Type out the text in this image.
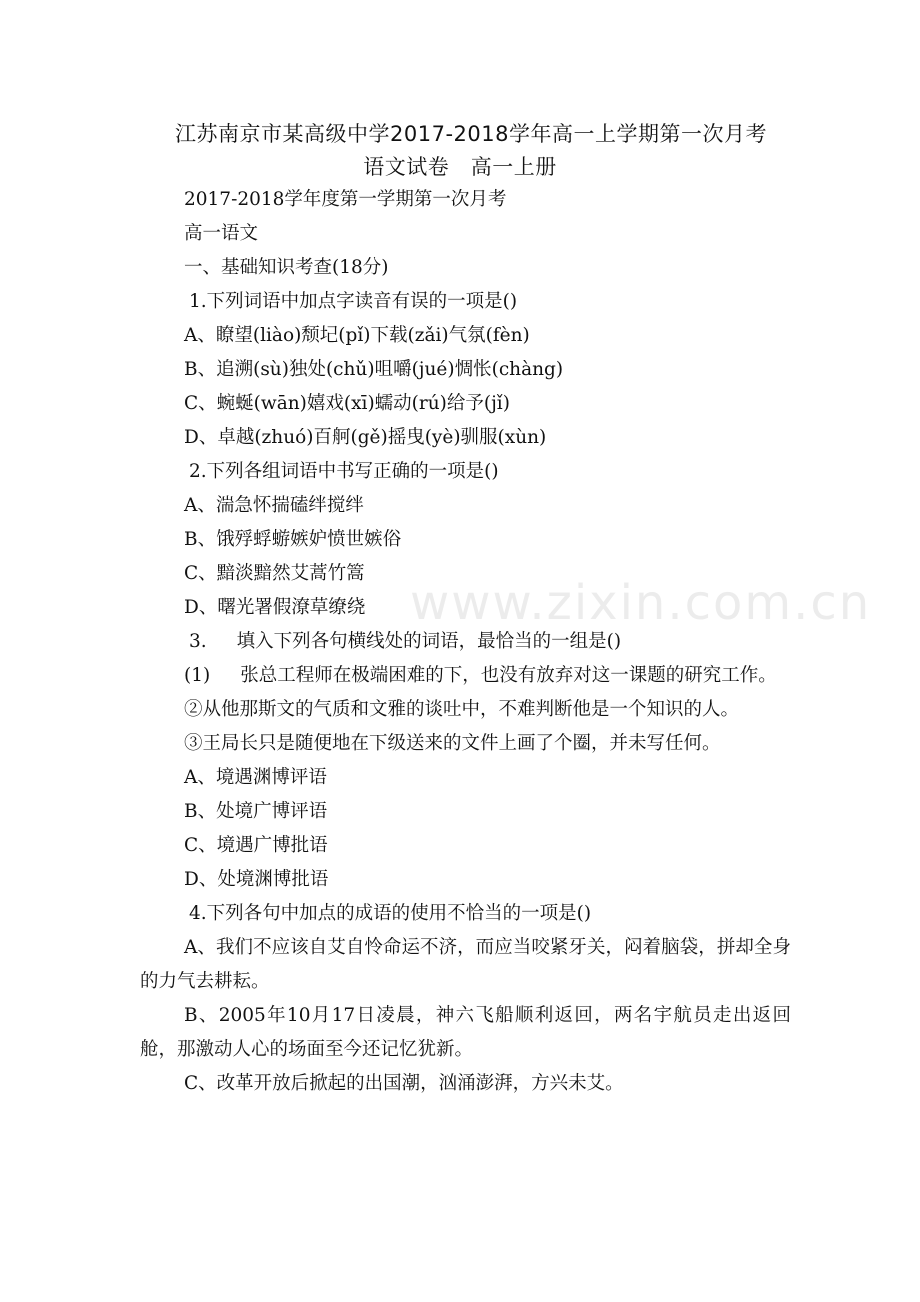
江苏南京市某高级中学2017-2018学年高一上学期第一次月考
语文试卷　高一上册
www.zixin.com.cn
2017-2018学年度第一学期第一次月考
高一语文
一、基础知识考查(18分)
1.下列词语中加点字读音有误的一项是()
A、瞭望(liào)颓圮(pǐ)下载(zǎi)气氛(fèn)
B、追溯(sù)独处(chǔ)咀嚼(jué)惆怅(chàng)
C、蜿蜒(wān)嬉戏(xī)蠕动(rú)给予(jǐ)
D、卓越(zhuó)百舸(gě)摇曳(yè)驯服(xùn)
2.下列各组词语中书写正确的一项是()
A、湍急怀揣磕绊搅绊
B、饿殍蜉蝣嫉妒愤世嫉俗
C、黯淡黯然艾蒿竹篙
D、曙光署假潦草缭绕
3. 填入下列各句横线处的词语，最恰当的一组是()
(1) 张总工程师在极端困难的下，也没有放弃对这一课题的研究工作。
②从他那斯文的气质和文雅的谈吐中，不难判断他是一个知识的人。
③王局长只是随便地在下级送来的文件上画了个圈，并未写任何。
A、境遇渊博评语
B、处境广博评语
C、境遇广博批语
D、处境渊博批语
4.下列各句中加点的成语的使用不恰当的一项是()
A、我们不应该自艾自怜命运不济，而应当咬紧牙关，闷着脑袋，拼却全身的力气去耕耘。
B、2005年10月17日凌晨，神六飞船顺利返回，两名宇航员走出返回舱，那激动人心的场面至今还记忆犹新。
C、改革开放后掀起的出国潮，汹涌澎湃，方兴未艾。
